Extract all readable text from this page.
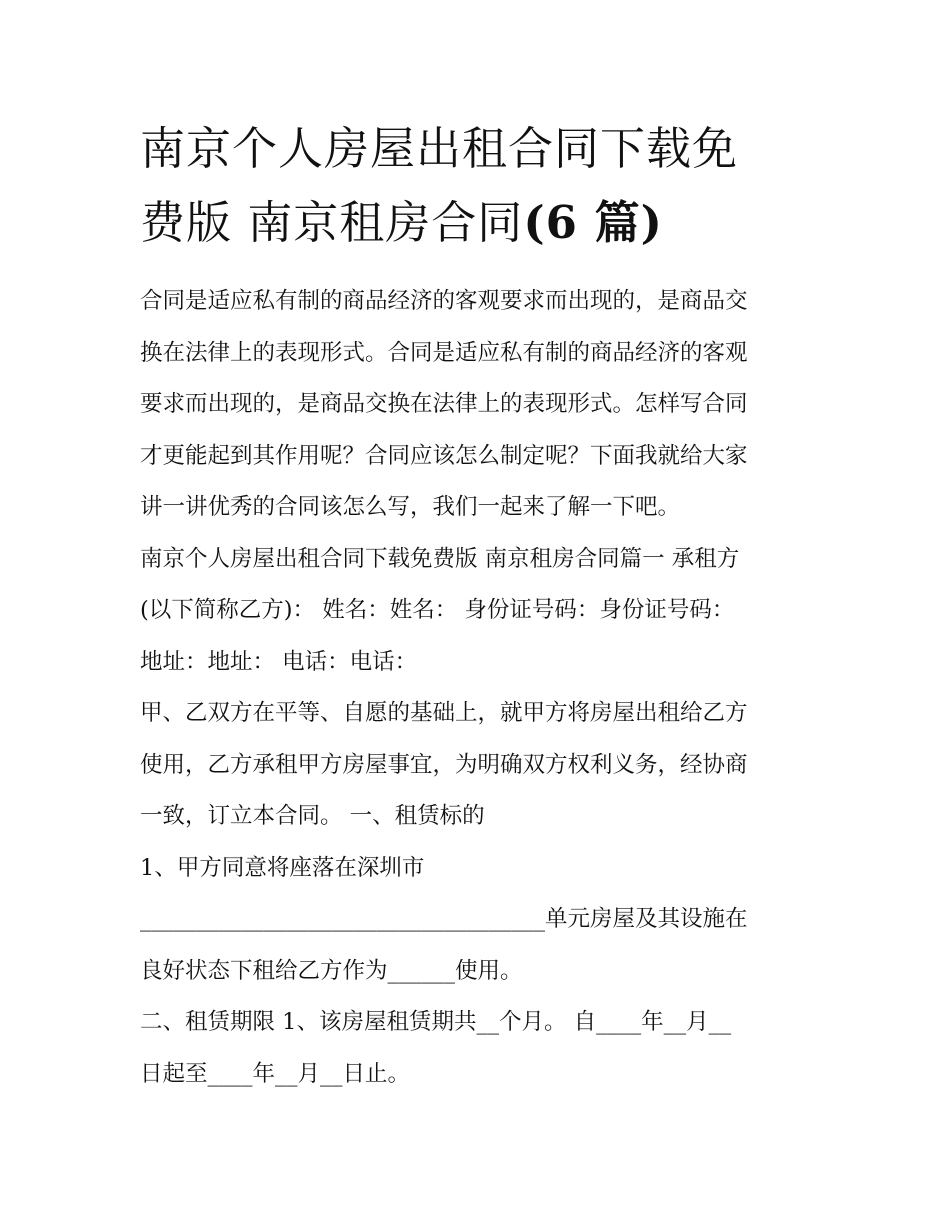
南京个人房屋出租合同下载免
费版 南京租房合同(6 篇)

合同是适应私有制的商品经济的客观要求而出现的，是商品交
换在法律上的表现形式。合同是适应私有制的商品经济的客观
要求而出现的，是商品交换在法律上的表现形式。怎样写合同
才更能起到其作用呢？合同应该怎么制定呢？下面我就给大家
讲一讲优秀的合同该怎么写，我们一起来了解一下吧。

南京个人房屋出租合同下载免费版 南京租房合同篇一 承租方
(以下简称乙方)： 姓名：姓名： 身份证号码：身份证号码：
地址：地址： 电话：电话：

甲、乙双方在平等、自愿的基础上，就甲方将房屋出租给乙方
使用，乙方承租甲方房屋事宜，为明确双方权利义务，经协商
一致，订立本合同。 一、租赁标的

1、甲方同意将座落在深圳市
____________________________________单元房屋及其设施在
良好状态下租给乙方作为______使用。

二、租赁期限 1、该房屋租赁期共__个月。 自____年__月__
日起至____年__月__日止。
